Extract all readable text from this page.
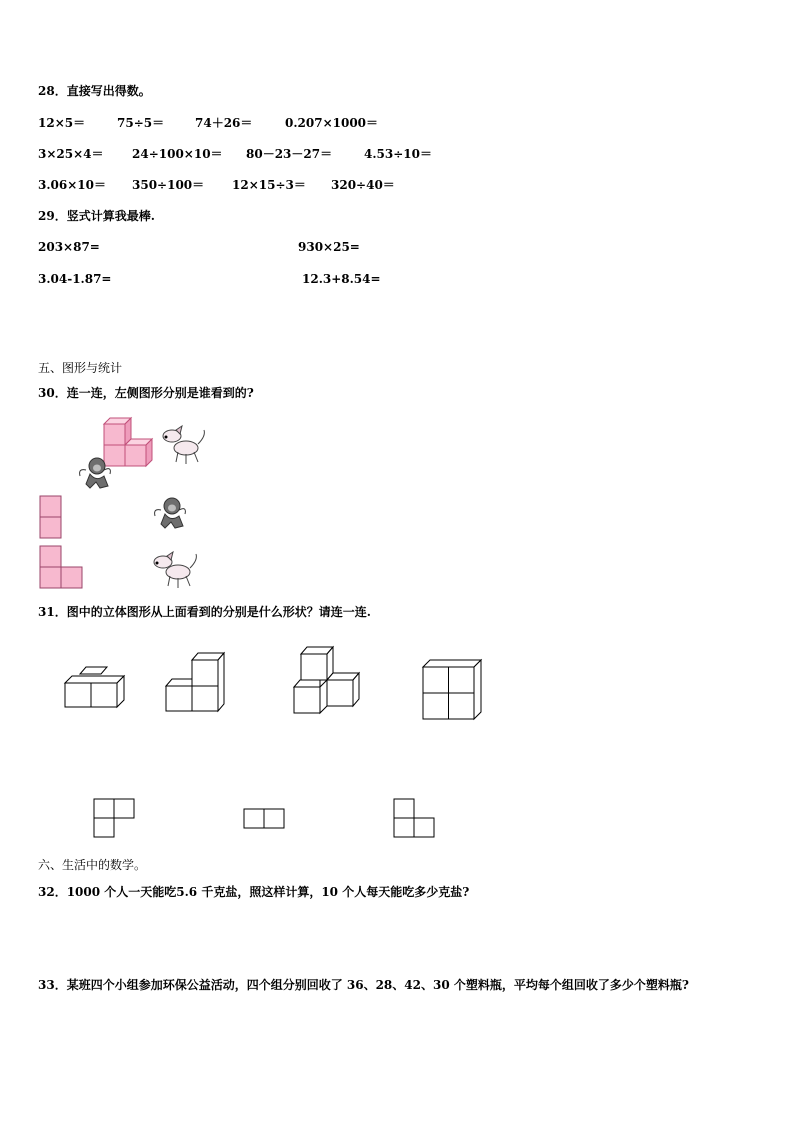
28．直接写出得数。
12×5＝	75÷5＝	74＋26＝	0.207×1000＝
3×25×4＝ 24÷100×10＝ 80－23－27＝	4.53÷10＝
3.06×10＝ 350÷100＝ 12×15÷3＝ 320÷40＝
29．竖式计算我最棒.
203×87=	930×25=
3.04-1.87=	12.3+8.54=
五、图形与统计
30．连一连，左侧图形分别是谁看到的?
31．图中的立体图形从上面看到的分别是什么形状？请连一连.
六、生活中的数学。
32．1000 个人一天能吃5.6 千克盐，照这样计算，10 个人每天能吃多少克盐?
33．某班四个小组参加环保公益活动，四个组分别回收了 36、28、42、30 个塑料瓶，平均每个组回收了多少个塑料瓶?
